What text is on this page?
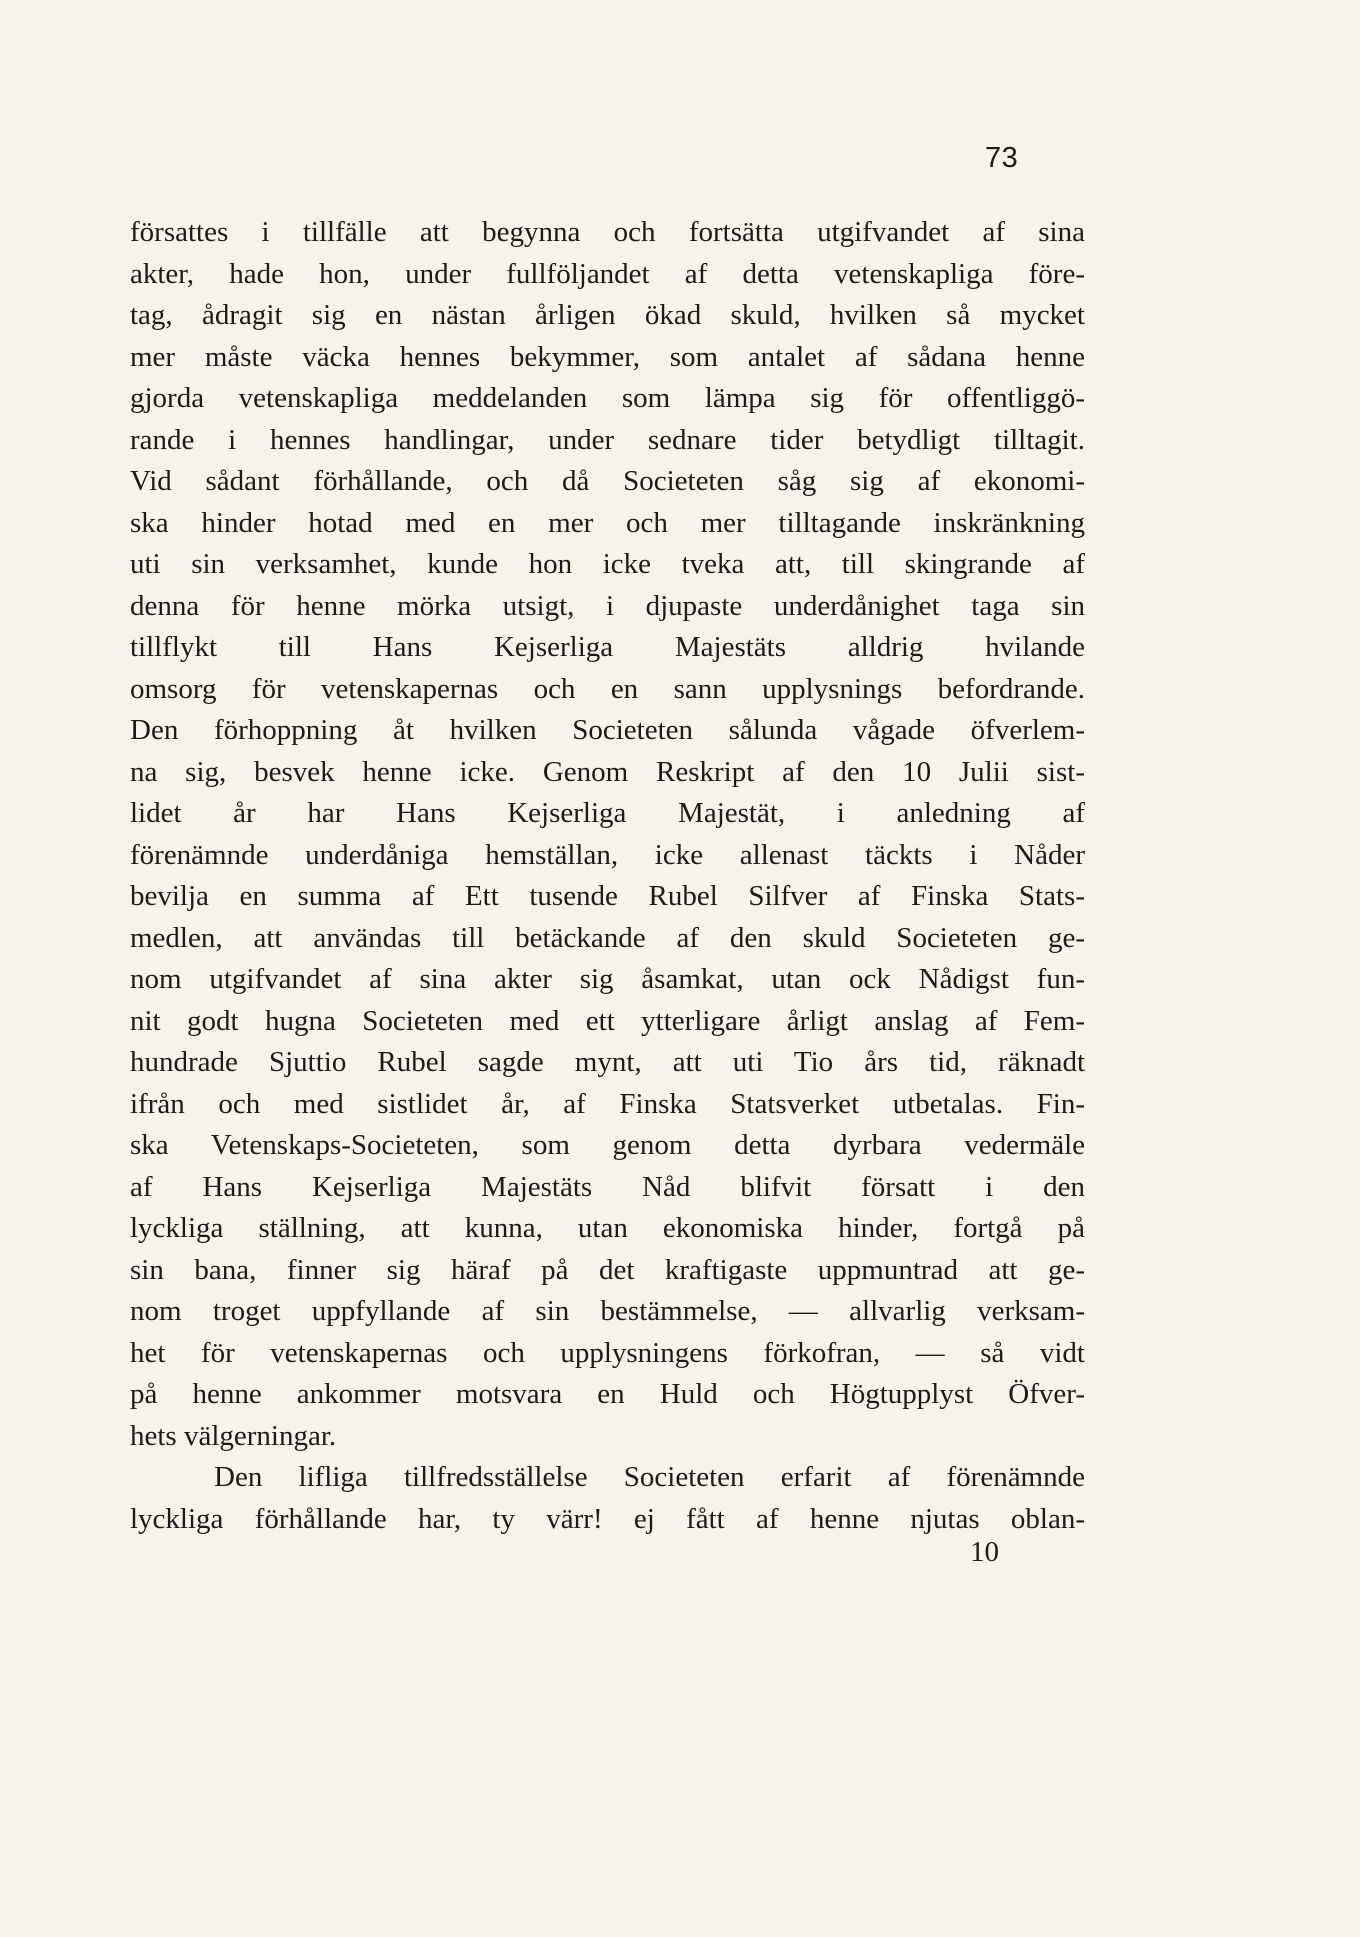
73
försattes i tillfälle att begynna och fortsätta utgifvandet af sina
akter, hade hon, under fullföljandet af detta vetenskapliga före-
tag, ådragit sig en nästan årligen ökad skuld, hvilken så mycket
mer måste väcka hennes bekymmer, som antalet af sådana henne
gjorda vetenskapliga meddelanden som lämpa sig för offentliggö-
rande i hennes handlingar, under sednare tider betydligt tilltagit.
Vid sådant förhållande, och då Societeten såg sig af ekonomi-
ska hinder hotad med en mer och mer tilltagande inskränkning
uti sin verksamhet, kunde hon icke tveka att, till skingrande af
denna för henne mörka utsigt, i djupaste underdånighet taga sin
tillflykt till Hans Kejserliga Majestäts alldrig hvilande
omsorg för vetenskapernas och en sann upplysnings befordrande.
Den förhoppning åt hvilken Societeten sålunda vågade öfverlem-
na sig, besvek henne icke. Genom Reskript af den 10 Julii sist-
lidet år har Hans Kejserliga Majestät, i anledning af
förenämnde underdåniga hemställan, icke allenast täckts i Nåder
bevilja en summa af Ett tusende Rubel Silfver af Finska Stats-
medlen, att användas till betäckande af den skuld Societeten ge-
nom utgifvandet af sina akter sig åsamkat, utan ock Nådigst fun-
nit godt hugna Societeten med ett ytterligare årligt anslag af Fem-
hundrade Sjuttio Rubel sagde mynt, att uti Tio års tid, räknadt
ifrån och med sistlidet år, af Finska Statsverket utbetalas. Fin-
ska Vetenskaps-Societeten, som genom detta dyrbara vedermäle
af Hans Kejserliga Majestäts Nåd blifvit försatt i den
lyckliga ställning, att kunna, utan ekonomiska hinder, fortgå på
sin bana, finner sig häraf på det kraftigaste uppmuntrad att ge-
nom troget uppfyllande af sin bestämmelse, — allvarlig verksam-
het för vetenskapernas och upplysningens förkofran, — så vidt
på henne ankommer motsvara en Huld och Högtupplyst Öfver-
hets välgerningar.
Den lifliga tillfredsställelse Societeten erfarit af förenämnde
lyckliga förhållande har, ty värr! ej fått af henne njutas oblan-
10
